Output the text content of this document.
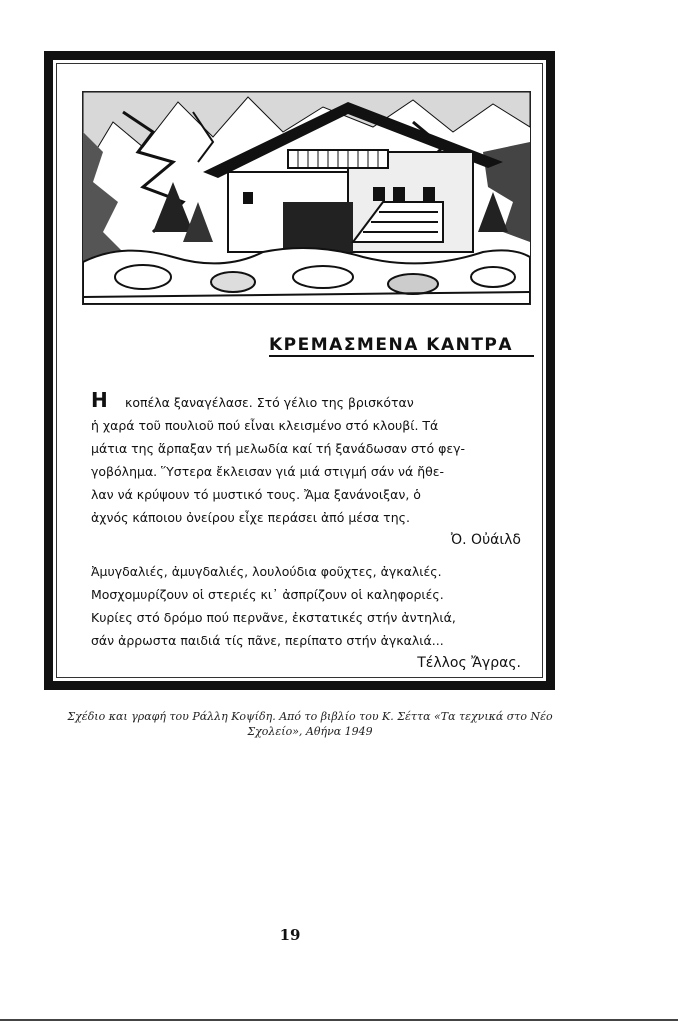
ΚΡΕΜΑΣΜΕΝΑ ΚΑΝΤΡΑ
Η κοπέλα ξαναγέλασε. Στό γέλιο της βρισκόταν
ἡ χαρά τοῦ πουλιοῦ πού εἶναι κλεισμένο στό κλουβί. Τά
μάτια της ἅρπαξαν τή μελωδία καί τή ξανάδωσαν στό φεγ-
γοβόλημα. Ὕστερα ἔκλεισαν γιά μιά στιγμή σάν νά ἤθε-
λαν νά κρύψουν τό μυστικό τους. Ἄμα ξανάνοιξαν, ὁ
ἀχνός κάποιου ὀνείρου εἶχε περάσει ἀπό μέσα της.
Ὀ. Οὐάιλδ
Ἀμυγδαλιές, ἀμυγδαλιές, λουλούδια φοῦχτες, ἀγκαλιές.
Μοσχομυρίζουν οἱ στεριές κι᾽ ἀσπρίζουν οἱ καληφοριές.
Κυρίες στό δρόμο πού περνᾶνε, ἐκστατικές στήν ἀντηλιά,
σάν ἀρρωστα παιδιά τίς πᾶνε, περίπατο στήν ἀγκαλιά...
Τέλλος Ἄγρας.
Σχέδιο και γραφή του Ράλλη Κοψίδη. Από το βιβλίο του Κ. Σέττα «Τα τεχνικά στο Νέο Σχολείο», Αθήνα 1949
19
